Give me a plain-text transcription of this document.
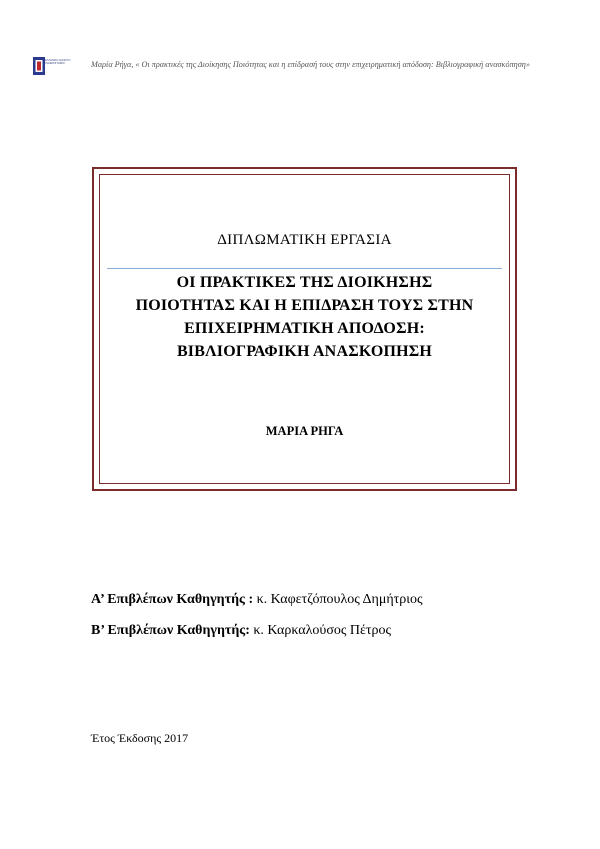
ΕΛΛΗΝΙΚΟ ΑΝΟΙΚΤΟ ΠΑΝΕΠΙΣΤΗΜΙΟ	Μαρία Ρήγα, « Οι πρακτικές της Διοίκησης Ποιότητας και η επίδρασή τους στην επιχειρηματική απόδοση: Βιβλιογραφική ανασκόπηση»
ΔΙΠΛΩΜΑΤΙΚΗ ΕΡΓΑΣΙΑ
ΟΙ ΠΡΑΚΤΙΚΕΣ ΤΗΣ ΔΙΟΙΚΗΣΗΣ
ΠΟΙΟΤΗΤΑΣ ΚΑΙ Η ΕΠΙΔΡΑΣΗ ΤΟΥΣ ΣΤΗΝ
ΕΠΙΧΕΙΡΗΜΑΤΙΚΗ ΑΠΟΔΟΣΗ:
ΒΙΒΛΙΟΓΡΑΦΙΚΗ ΑΝΑΣΚΟΠΗΣΗ
ΜΑΡΙΑ ΡΗΓΑ
Α’ Επιβλέπων Καθηγητής : κ. Καφετζόπουλος Δημήτριος
Β’ Επιβλέπων Καθηγητής: κ. Καρκαλούσος Πέτρος
Έτος Έκδοσης 2017
